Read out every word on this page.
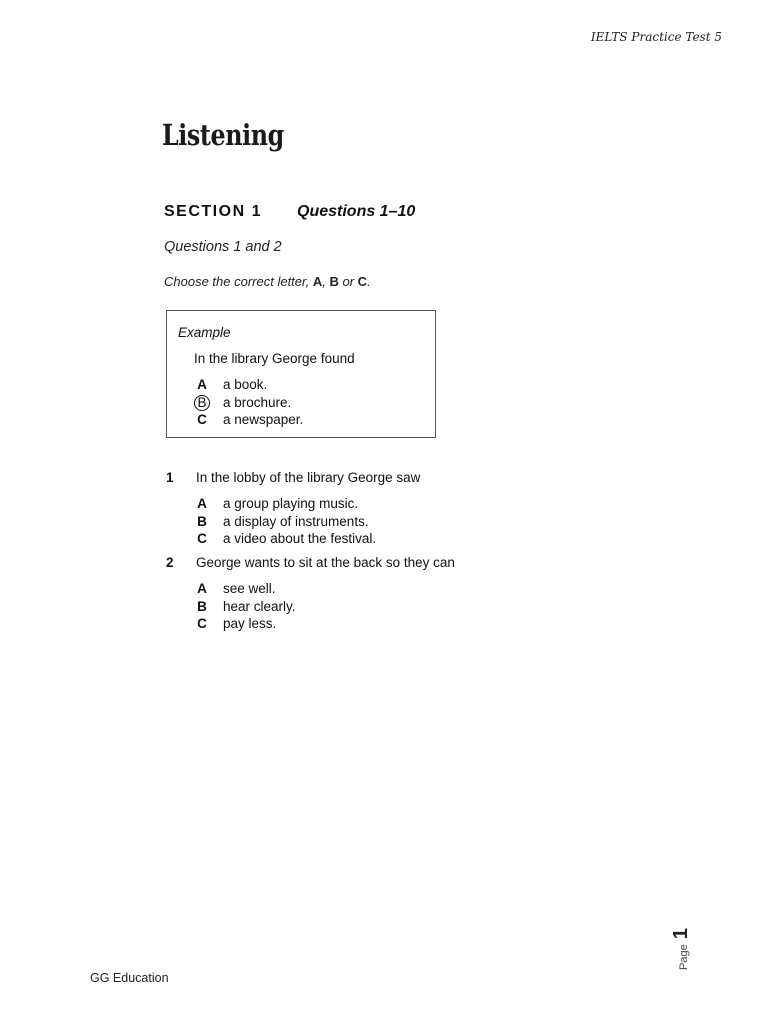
IELTS Practice Test 5
Listening
SECTION 1 Questions 1–10
Questions 1 and 2
Choose the correct letter, A, B or C.
Example
In the library George found
A a book.
B a brochure.
C a newspaper.
1 In the lobby of the library George saw
A a group playing music.
B a display of instruments.
C a video about the festival.
2 George wants to sit at the back so they can
A see well.
B hear clearly.
C pay less.
GG Education
Page1
